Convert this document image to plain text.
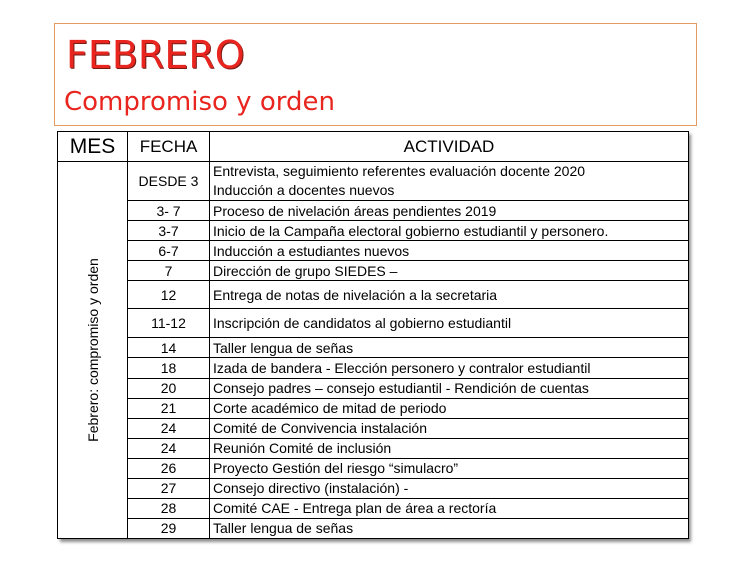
FEBRERO
Compromiso y orden
MES	FECHA	ACTIVIDAD

Febrero: compromiso y orden	DESDE 3	Entrevista, seguimiento referentes evaluación docente 2020
Inducción a docentes nuevos

	3- 7	Proceso de nivelación áreas pendientes 2019

	3-7	Inicio de la Campaña electoral gobierno estudiantil y personero.

	6-7	Inducción a estudiantes nuevos

	7	Dirección de grupo SIEDES –

	12	Entrega de notas de nivelación a la secretaria

	11-12	Inscripción de candidatos al gobierno estudiantil

	14	Taller lengua de señas

	18	Izada de bandera - Elección personero y contralor estudiantil

	20	Consejo padres – consejo estudiantil - Rendición de cuentas

	21	Corte académico de mitad de periodo

	24	Comité de Convivencia instalación

	24	Reunión Comité de inclusión

	26	Proyecto Gestión del riesgo “simulacro”

	27	Consejo directivo (instalación) -

	28	Comité CAE - Entrega plan de área a rectoría

	29	Taller lengua de señas
